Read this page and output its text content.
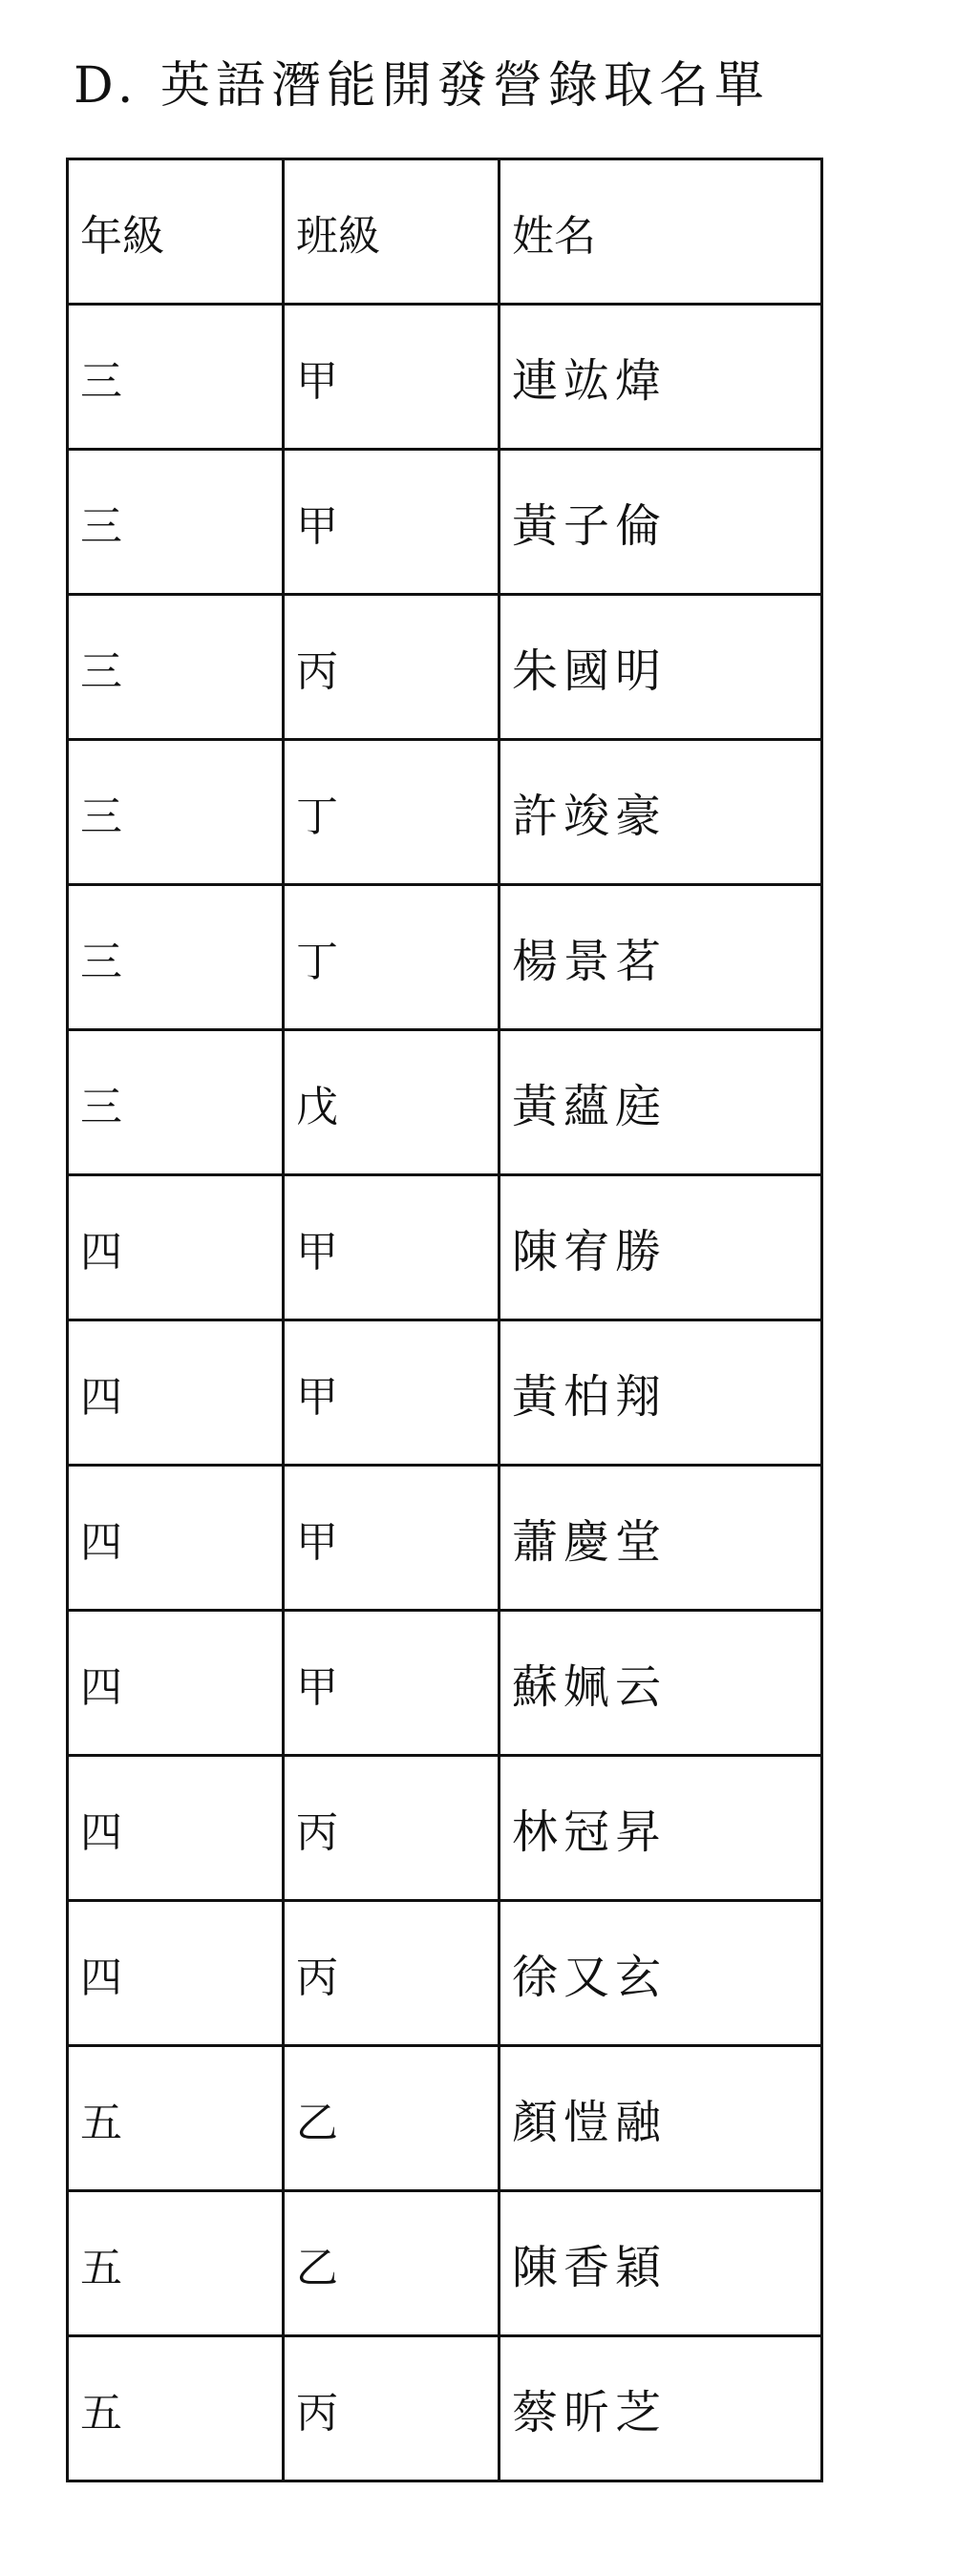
D. 英語潛能開發營錄取名單
年級	班級	姓名
三	甲	連竑煒
三	甲	黃子倫
三	丙	朱國明
三	丁	許竣豪
三	丁	楊景茗
三	戊	黃蘊庭
四	甲	陳宥勝
四	甲	黃柏翔
四	甲	蕭慶堂
四	甲	蘇姵云
四	丙	林冠昇
四	丙	徐又玄
五	乙	顏愷融
五	乙	陳香穎
五	丙	蔡昕芝
